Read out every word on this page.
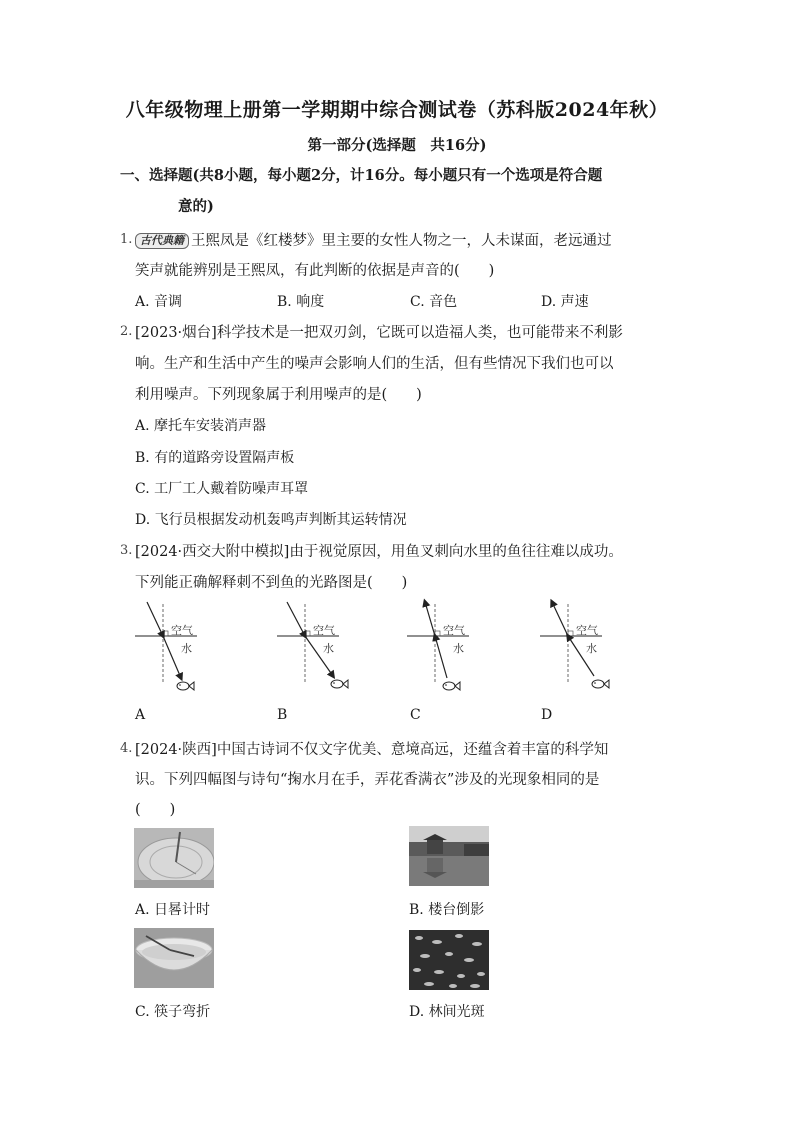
八年级物理上册第一学期期中综合测试卷（苏科版2024年秋）
第一部分(选择题　共16分)
一、选择题(共8小题，每小题2分，计16分。每小题只有一个选项是符合题
意的)
1. 古代典籍 王熙凤是《红楼梦》里主要的女性人物之一，人未谋面，老远通过
笑声就能辨别是王熙凤，有此判断的依据是声音的(　　)
A. 音调	B. 响度	C. 音色	D. 声速
2. [2023·烟台]科学技术是一把双刃剑，它既可以造福人类，也可能带来不利影
响。生产和生活中产生的噪声会影响人们的生活，但有些情况下我们也可以
利用噪声。下列现象属于利用噪声的是(　　)
A. 摩托车安装消声器
B. 有的道路旁设置隔声板
C. 工厂工人戴着防噪声耳罩
D. 飞行员根据发动机轰鸣声判断其运转情况
3. [2024·西交大附中模拟]由于视觉原因，用鱼叉刺向水里的鱼往往难以成功。
下列能正确解释刺不到鱼的光路图是(　　)
空气
水
空气
水
空气
水
空气
水
A	B	C	D
4. [2024·陕西]中国古诗词不仅文字优美、意境高远，还蕴含着丰富的科学知
识。下列四幅图与诗句“掬水月在手，弄花香满衣”涉及的光现象相同的是
(　　)
A. 日晷计时	B. 楼台倒影
C. 筷子弯折	D. 林间光斑
